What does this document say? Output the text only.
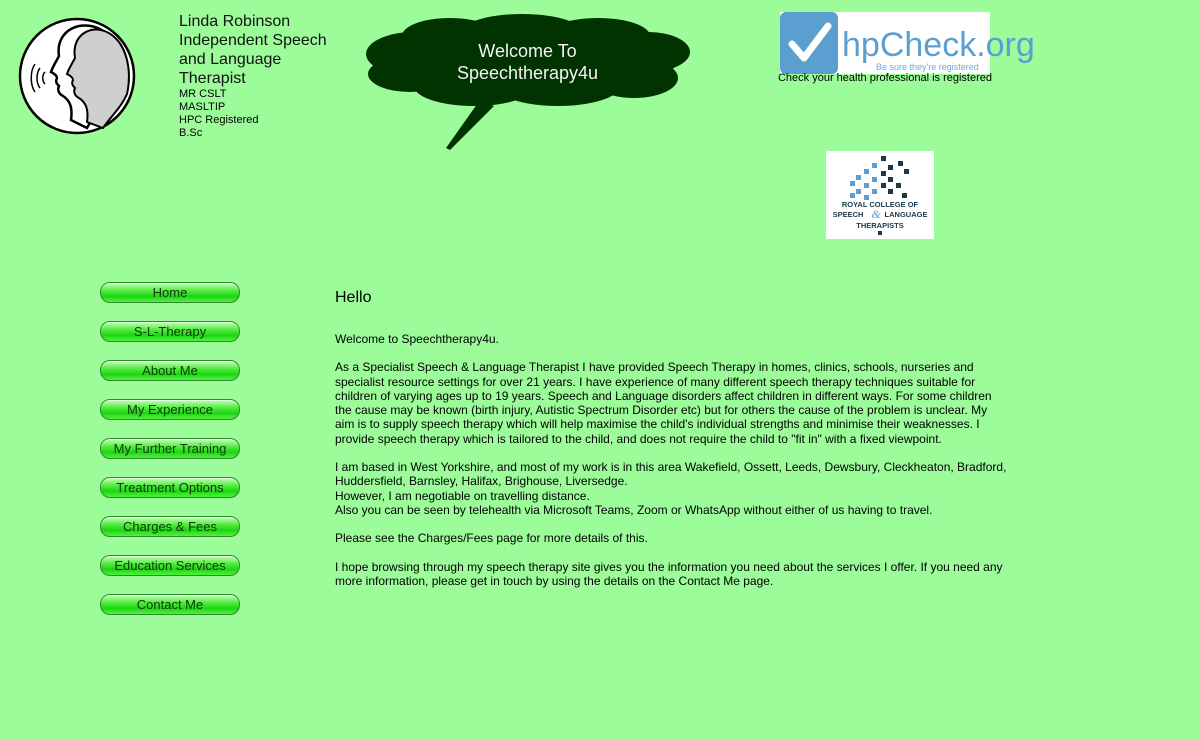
Linda Robinson
Independent Speech
and Language
Therapist
MR CSLT
MASLTIP
HPC Registered
B.Sc
Welcome To
Speechtherapy4u
hpCheck.org
Be sure they're registered
Check your health professional is registered
ROYAL COLLEGE OF
SPEECH & LANGUAGE
THERAPISTS
Home
S-L-Therapy
About Me
My Experience
My Further Training
Treatment Options
Charges & Fees
Education Services
Contact Me
Hello

Welcome to Speechtherapy4u.

As a Specialist Speech & Language Therapist I have provided Speech Therapy in homes, clinics, schools, nurseries and
specialist resource settings for over 21 years. I have experience of many different speech therapy techniques suitable for
children of varying ages up to 19 years. Speech and Language disorders affect children in different ways. For some children
the cause may be known (birth injury, Autistic Spectrum Disorder etc) but for others the cause of the problem is unclear. My
aim is to supply speech therapy which will help maximise the child's individual strengths and minimise their weaknesses. I
provide speech therapy which is tailored to the child, and does not require the child to "fit in" with a fixed viewpoint.

I am based in West Yorkshire, and most of my work is in this area Wakefield, Ossett, Leeds, Dewsbury, Cleckheaton, Bradford,
Huddersfield, Barnsley, Halifax, Brighouse, Liversedge.
However, I am negotiable on travelling distance.
Also you can be seen by telehealth via Microsoft Teams, Zoom or WhatsApp without either of us having to travel.

Please see the Charges/Fees page for more details of this.

I hope browsing through my speech therapy site gives you the information you need about the services I offer. If you need any
more information, please get in touch by using the details on the Contact Me page.
